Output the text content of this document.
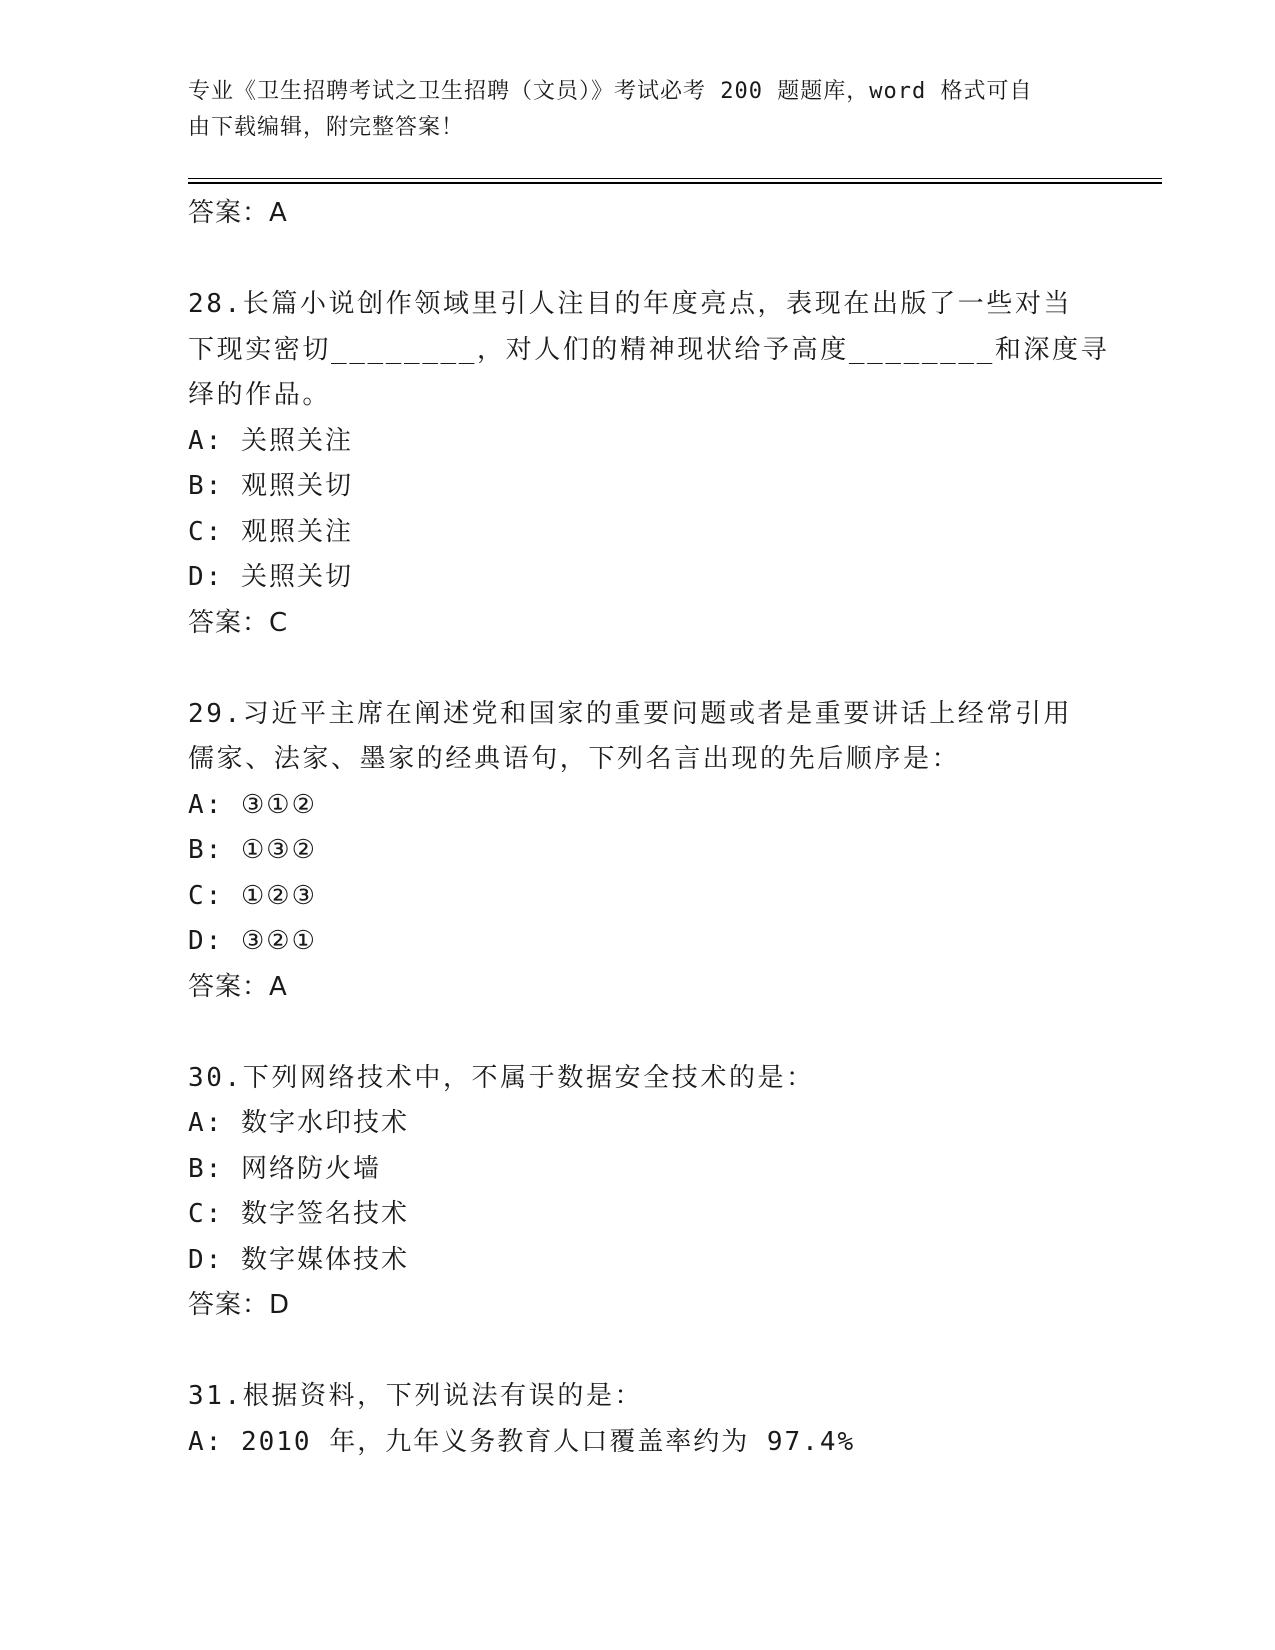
专业《卫生招聘考试之卫生招聘（文员）》考试必考 200 题题库，word 格式可自
由下载编辑，附完整答案！
答案：A
28.长篇小说创作领域里引人注目的年度亮点，表现在出版了一些对当
下现实密切________，对人们的精神现状给予高度________和深度寻
绎的作品。
A: 关照关注
B: 观照关切
C: 观照关注
D: 关照关切
答案：C
29.习近平主席在阐述党和国家的重要问题或者是重要讲话上经常引用
儒家、法家、墨家的经典语句，下列名言出现的先后顺序是：
A: ③①②
B: ①③②
C: ①②③
D: ③②①
答案：A
30.下列网络技术中，不属于数据安全技术的是：
A: 数字水印技术
B: 网络防火墙
C: 数字签名技术
D: 数字媒体技术
答案：D
31.根据资料，下列说法有误的是：
A: 2010 年，九年义务教育人口覆盖率约为 97.4%
